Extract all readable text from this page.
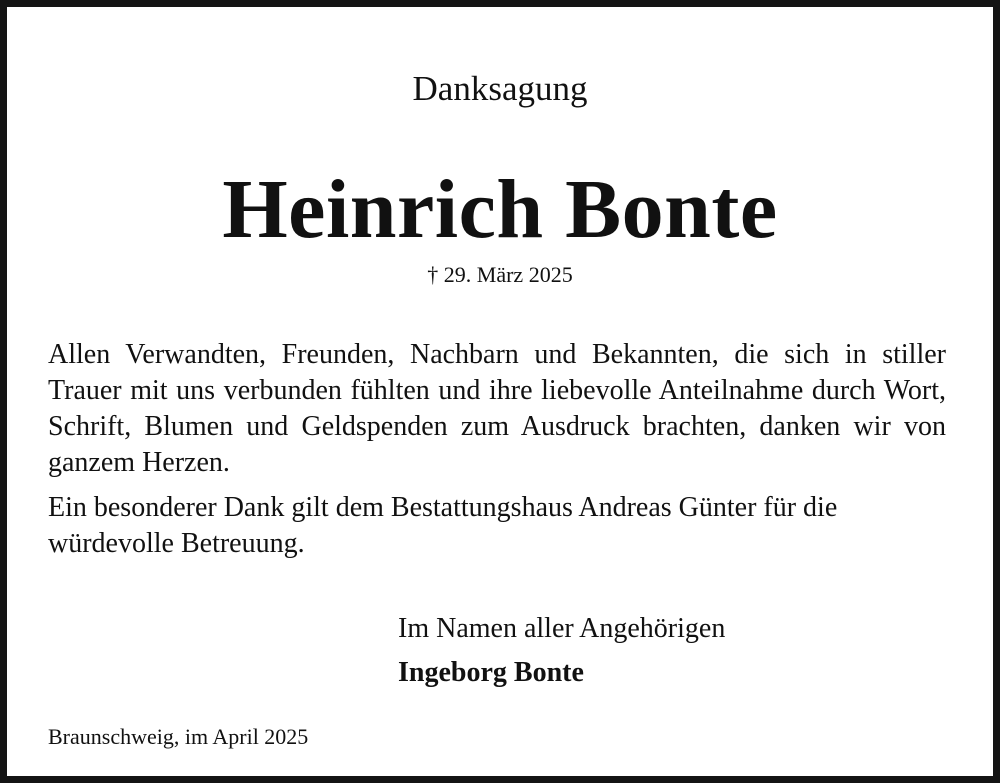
Danksagung
Heinrich Bonte
† 29. März 2025
Allen Verwandten, Freunden, Nachbarn und Bekannten, die sich in stiller Trauer mit uns verbunden fühlten und ihre liebevolle Anteilnahme durch Wort, Schrift, Blumen und Geldspenden zum Ausdruck brachten, danken wir von ganzem Herzen.
Ein besonderer Dank gilt dem Bestattungshaus Andreas Günter für die
würdevolle Betreuung.
Im Namen aller Angehörigen
Ingeborg Bonte
Braunschweig, im April 2025
